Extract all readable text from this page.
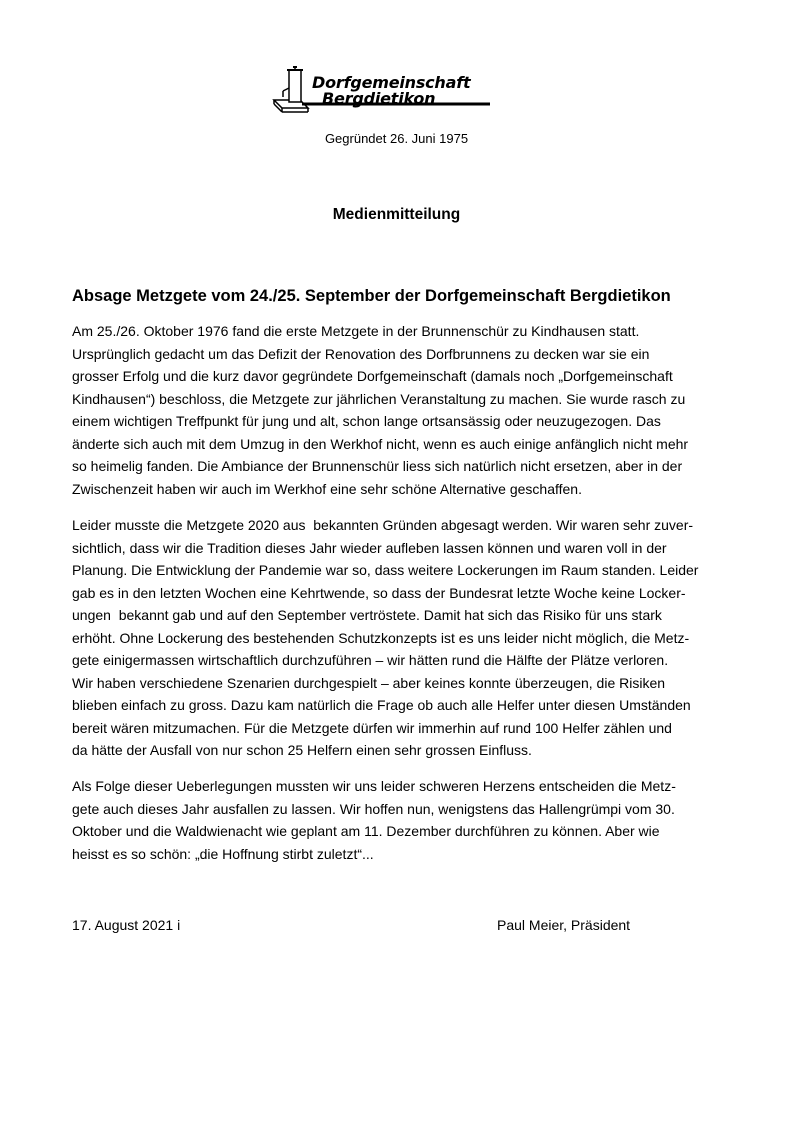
Dorfgemeinschaft
Bergdietikon
Gegründet 26. Juni 1975
Medienmitteilung
Absage Metzgete vom 24./25. September der Dorfgemeinschaft Bergdietikon

Am 25./26. Oktober 1976 fand die erste Metzgete in der Brunnenschür zu Kindhausen statt.
Ursprünglich gedacht um das Defizit der Renovation des Dorfbrunnens zu decken war sie ein
grosser Erfolg und die kurz davor gegründete Dorfgemeinschaft (damals noch „Dorfgemeinschaft
Kindhausen“) beschloss, die Metzgete zur jährlichen Veranstaltung zu machen. Sie wurde rasch zu
einem wichtigen Treffpunkt für jung und alt, schon lange ortsansässig oder neuzugezogen. Das
änderte sich auch mit dem Umzug in den Werkhof nicht, wenn es auch einige anfänglich nicht mehr
so heimelig fanden. Die Ambiance der Brunnenschür liess sich natürlich nicht ersetzen, aber in der
Zwischenzeit haben wir auch im Werkhof eine sehr schöne Alternative geschaffen.

Leider musste die Metzgete 2020 aus  bekannten Gründen abgesagt werden. Wir waren sehr zuver-
sichtlich, dass wir die Tradition dieses Jahr wieder aufleben lassen können und waren voll in der
Planung. Die Entwicklung der Pandemie war so, dass weitere Lockerungen im Raum standen. Leider
gab es in den letzten Wochen eine Kehrtwende, so dass der Bundesrat letzte Woche keine Locker-
ungen  bekannt gab und auf den September vertröstete. Damit hat sich das Risiko für uns stark
erhöht. Ohne Lockerung des bestehenden Schutzkonzepts ist es uns leider nicht möglich, die Metz-
gete einigermassen wirtschaftlich durchzuführen – wir hätten rund die Hälfte der Plätze verloren.
Wir haben verschiedene Szenarien durchgespielt – aber keines konnte überzeugen, die Risiken
blieben einfach zu gross. Dazu kam natürlich die Frage ob auch alle Helfer unter diesen Umständen
bereit wären mitzumachen. Für die Metzgete dürfen wir immerhin auf rund 100 Helfer zählen und
da hätte der Ausfall von nur schon 25 Helfern einen sehr grossen Einfluss.

Als Folge dieser Ueberlegungen mussten wir uns leider schweren Herzens entscheiden die Metz-
gete auch dieses Jahr ausfallen zu lassen. Wir hoffen nun, wenigstens das Hallengrümpi vom 30.
Oktober und die Waldwienacht wie geplant am 11. Dezember durchführen zu können. Aber wie
heisst es so schön: „die Hoffnung stirbt zuletzt“...

17. August 2021 i	Paul Meier, Präsident
